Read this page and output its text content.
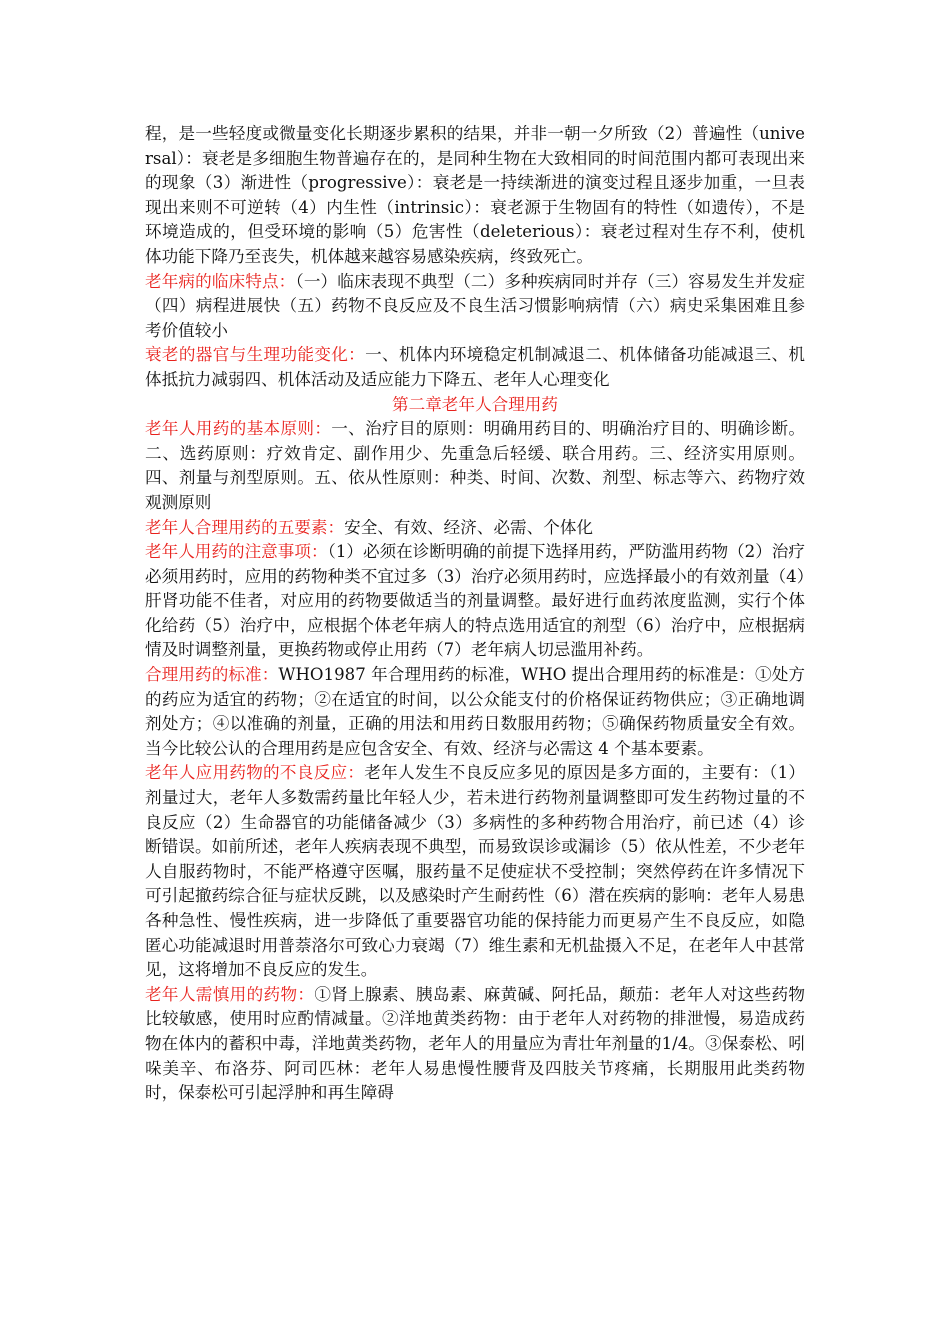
程，是一些轻度或微量变化长期逐步累积的结果，并非一朝一夕所致（2）普遍性（universal）：衰老是多细胞生物普遍存在的，是同种生物在大致相同的时间范围内都可表现出来的现象（3）渐进性（progressive）：衰老是一持续渐进的演变过程且逐步加重，一旦表现出来则不可逆转（4）内生性（intrinsic）：衰老源于生物固有的特性（如遗传），不是环境造成的，但受环境的影响（5）危害性（deleterious）：衰老过程对生存不利，使机体功能下降乃至丧失，机体越来越容易感染疾病，终致死亡。

老年病的临床特点：（一）临床表现不典型（二）多种疾病同时并存（三）容易发生并发症（四）病程进展快（五）药物不良反应及不良生活习惯影响病情（六）病史采集困难且参考价值较小

衰老的器官与生理功能变化：一、机体内环境稳定机制减退二、机体储备功能减退三、机体抵抗力减弱四、机体活动及适应能力下降五、老年人心理变化

第二章老年人合理用药

老年人用药的基本原则：一、治疗目的原则：明确用药目的、明确治疗目的、明确诊断。二、选药原则：疗效肯定、副作用少、先重急后轻缓、联合用药。三、经济实用原则。四、剂量与剂型原则。五、依从性原则：种类、时间、次数、剂型、标志等六、药物疗效观测原则

老年人合理用药的五要素：安全、有效、经济、必需、个体化

老年人用药的注意事项：（1）必须在诊断明确的前提下选择用药，严防滥用药物（2）治疗必须用药时，应用的药物种类不宜过多（3）治疗必须用药时，应选择最小的有效剂量（4）肝肾功能不佳者，对应用的药物要做适当的剂量调整。最好进行血药浓度监测，实行个体化给药（5）治疗中，应根据个体老年病人的特点选用适宜的剂型（6）治疗中，应根据病情及时调整剂量，更换药物或停止用药（7）老年病人切忌滥用补药。

合理用药的标准：WHO1987 年合理用药的标准，WHO 提出合理用药的标准是：①处方的药应为适宜的药物；②在适宜的时间，以公众能支付的价格保证药物供应；③正确地调剂处方；④以准确的剂量，正确的用法和用药日数服用药物；⑤确保药物质量安全有效。当今比较公认的合理用药是应包含安全、有效、经济与必需这 4 个基本要素。

老年人应用药物的不良反应：老年人发生不良反应多见的原因是多方面的，主要有：（1）剂量过大，老年人多数需药量比年轻人少，若未进行药物剂量调整即可发生药物过量的不良反应（2）生命器官的功能储备减少（3）多病性的多种药物合用治疗，前已述（4）诊断错误。如前所述，老年人疾病表现不典型，而易致误诊或漏诊（5）依从性差，不少老年人自服药物时，不能严格遵守医嘱，服药量不足使症状不受控制；突然停药在许多情况下可引起撤药综合征与症状反跳，以及感染时产生耐药性（6）潜在疾病的影响：老年人易患各种急性、慢性疾病，进一步降低了重要器官功能的保持能力而更易产生不良反应，如隐匿心功能减退时用普萘洛尔可致心力衰竭（7）维生素和无机盐摄入不足，在老年人中甚常见，这将增加不良反应的发生。

老年人需慎用的药物：①肾上腺素、胰岛素、麻黄碱、阿托品，颠茄：老年人对这些药物比较敏感，使用时应酌情减量。②洋地黄类药物：由于老年人对药物的排泄慢，易造成药物在体内的蓄积中毒，洋地黄类药物，老年人的用量应为青壮年剂量的1/4。③保泰松、吲哚美辛、布洛芬、阿司匹林：老年人易患慢性腰背及四肢关节疼痛，长期服用此类药物时，保泰松可引起浮肿和再生障碍
